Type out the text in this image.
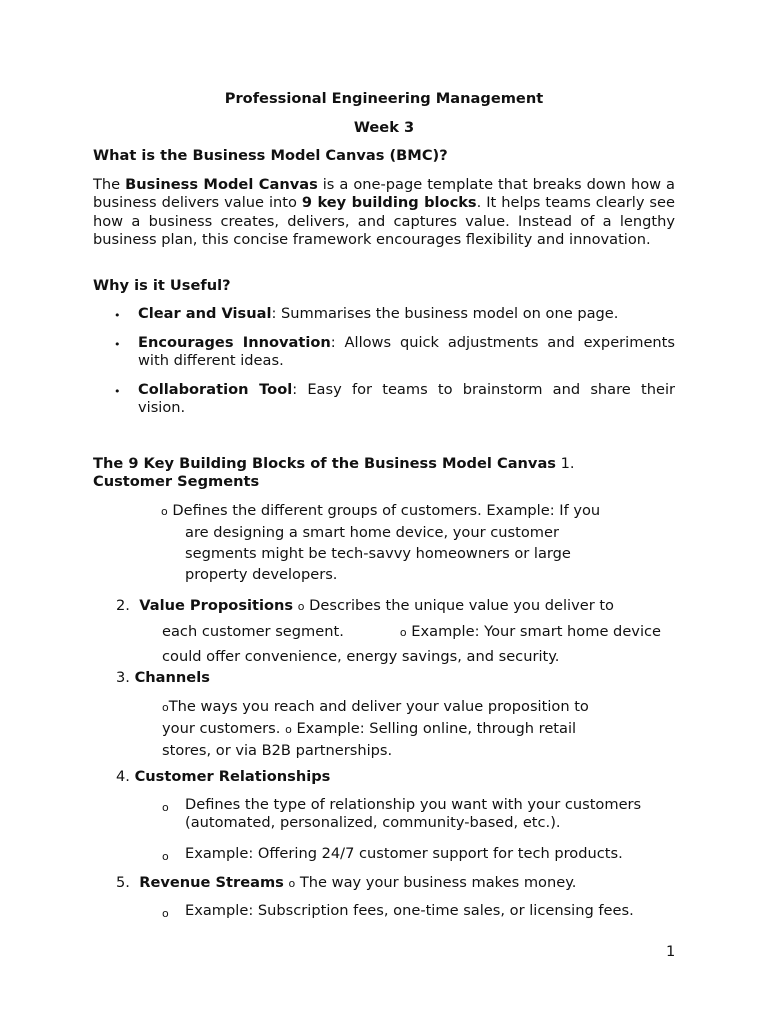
Professional Engineering Management
Week 3
What is the Business Model Canvas (BMC)?
The Business Model Canvas is a one-page template that breaks down how a business delivers value into 9 key building blocks. It helps teams clearly see how a business creates, delivers, and captures value. Instead of a lengthy business plan, this concise framework encourages flexibility and innovation.
Why is it Useful?
• Clear and Visual: Summarises the business model on one page.
• Encourages Innovation: Allows quick adjustments and experiments with different ideas.
• Collaboration Tool: Easy for teams to brainstorm and share their vision.
The 9 Key Building Blocks of the Business Model Canvas 1.
Customer Segments
o Defines the different groups of customers. Example: If you
are designing a smart home device, your customer
segments might be tech-savvy homeowners or large
property developers.
2. Value Propositions o Describes the unique value you deliver to
each customer segment.	o Example: Your smart home device
could offer convenience, energy savings, and security.
3. Channels
oThe ways you reach and deliver your value proposition to
your customers. o Example: Selling online, through retail
stores, or via B2B partnerships.
4. Customer Relationships
o Defines the type of relationship you want with your customers
(automated, personalized, community-based, etc.).
o Example: Offering 24/7 customer support for tech products.
5. Revenue Streams o The way your business makes money.
o Example: Subscription fees, one-time sales, or licensing fees.
1
